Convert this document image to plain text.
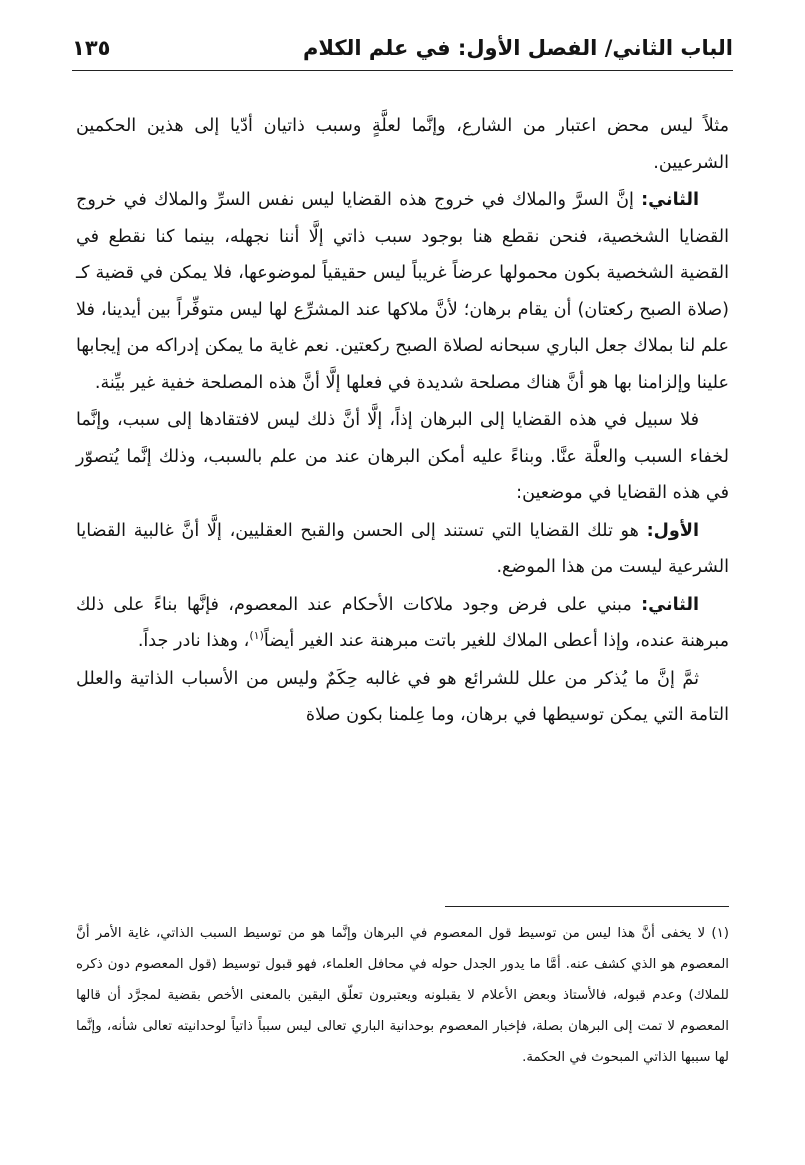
الباب الثاني/ الفصل الأول: في علم الكلام
١٣٥

مثلاً ليس محض اعتبار من الشارع، وإنَّما لعلَّةٍ وسبب ذاتيان أدّيا إلى هذين الحكمين الشرعيين.

الثاني: إنَّ السرَّ والملاك في خروج هذه القضايا ليس نفس السرِّ والملاك في خروج القضايا الشخصية، فنحن نقطع هنا بوجود سبب ذاتي إلَّا أننا نجهله، بينما كنا نقطع في القضية الشخصية بكون محمولها عرضاً غريباً ليس حقيقياً لموضوعها، فلا يمكن في قضية كـ (صلاة الصبح ركعتان) أن يقام برهان؛ لأنَّ ملاكها عند المشرِّع لها ليس متوفِّراً بين أيدينا، فلا علم لنا بملاك جعل الباري سبحانه لصلاة الصبح ركعتين. نعم غاية ما يمكن إدراكه من إيجابها علينا وإلزامنا بها هو أنَّ هناك مصلحة شديدة في فعلها إلَّا أنَّ هذه المصلحة خفية غير بيِّنة.

فلا سبيل في هذه القضايا إلى البرهان إذاً، إلَّا أنَّ ذلك ليس لافتقادها إلى سبب، وإنَّما لخفاء السبب والعلَّة عنَّا. وبناءً عليه أمكن البرهان عند من علم بالسبب، وذلك إنَّما يُتصوّر في هذه القضايا في موضعين:

الأول: هو تلك القضايا التي تستند إلى الحسن والقبح العقليين، إلَّا أنَّ غالبية القضايا الشرعية ليست من هذا الموضع.

الثاني: مبني على فرض وجود ملاكات الأحكام عند المعصوم، فإنَّها بناءً على ذلك مبرهنة عنده، وإذا أعطى الملاك للغير باتت مبرهنة عند الغير أيضاً$^{(١)}$، وهذا نادر جداً.

ثمَّ إنَّ ما يُذكر من علل للشرائع هو في غالبه حِكَمٌ وليس من الأسباب الذاتية والعلل التامة التي يمكن توسيطها في برهان، وما عِلمنا بكون صلاة

(١) لا يخفى أنَّ هذا ليس من توسيط قول المعصوم في البرهان وإنَّما هو من توسيط السبب الذاتي، غاية الأمر أنَّ المعصوم هو الذي كشف عنه. أمَّا ما يدور الجدل حوله في محافل العلماء، فهو قبول توسيط (قول المعصوم دون ذكره للملاك) وعدم قبوله، فالأستاذ وبعض الأعلام لا يقبلونه ويعتبرون تعلّق اليقين بالمعنى الأخص بقضية لمجرَّد أن قالها المعصوم لا تمت إلى البرهان بصلة، فإخبار المعصوم بوحدانية الباري تعالى ليس سبباً ذاتياً لوحدانيته تعالى شأنه، وإنَّما لها سببها الذاتي المبحوث في الحكمة.
